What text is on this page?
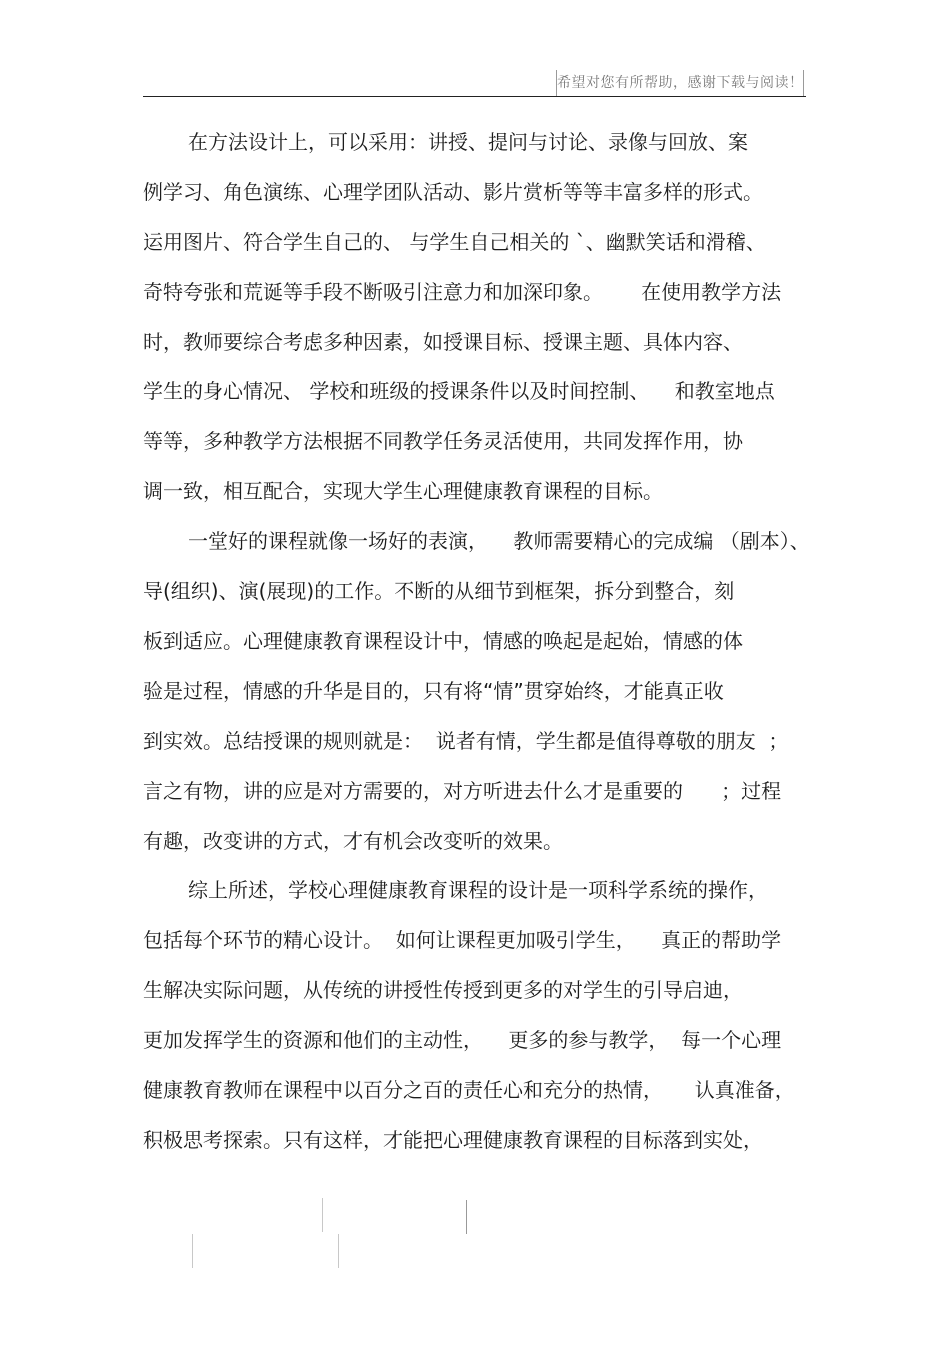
希望对您有所帮助，感谢下载与阅读！
在方法设计上，可以采用：讲授、提问与讨论、录像与回放、案
例学习、角色演练、心理学团队活动、影片赏析等等丰富多样的形式。
运用图片、符合学生自己的、 与学生自己相关的 `、幽默笑话和滑稽、
奇特夸张和荒诞等手段不断吸引注意力和加深印象。      在使用教学方法
时，教师要综合考虑多种因素，如授课目标、授课主题、具体内容、
学生的身心情况、 学校和班级的授课条件以及时间控制、    和教室地点
等等，多种教学方法根据不同教学任务灵活使用，共同发挥作用，协
调一致，相互配合，实现大学生心理健康教育课程的目标。
一堂好的课程就像一场好的表演，    教师需要精心的完成编 （剧本）、
导(组织)、演(展现)的工作。不断的从细节到框架，拆分到整合，刻
板到适应。心理健康教育课程设计中，情感的唤起是起始，情感的体
验是过程，情感的升华是目的，只有将“情”贯穿始终，才能真正收
到实效。总结授课的规则就是：  说者有情，学生都是值得尊敬的朋友  ；
言之有物，讲的应是对方需要的，对方听进去什么才是重要的      ；过程
有趣，改变讲的方式，才有机会改变听的效果。
综上所述，学校心理健康教育课程的设计是一项科学系统的操作，
包括每个环节的精心设计。  如何让课程更加吸引学生，    真正的帮助学
生解决实际问题，从传统的讲授性传授到更多的对学生的引导启迪，
更加发挥学生的资源和他们的主动性，    更多的参与教学，  每一个心理
健康教育教师在课程中以百分之百的责任心和充分的热情，     认真准备，
积极思考探索。只有这样，才能把心理健康教育课程的目标落到实处，
